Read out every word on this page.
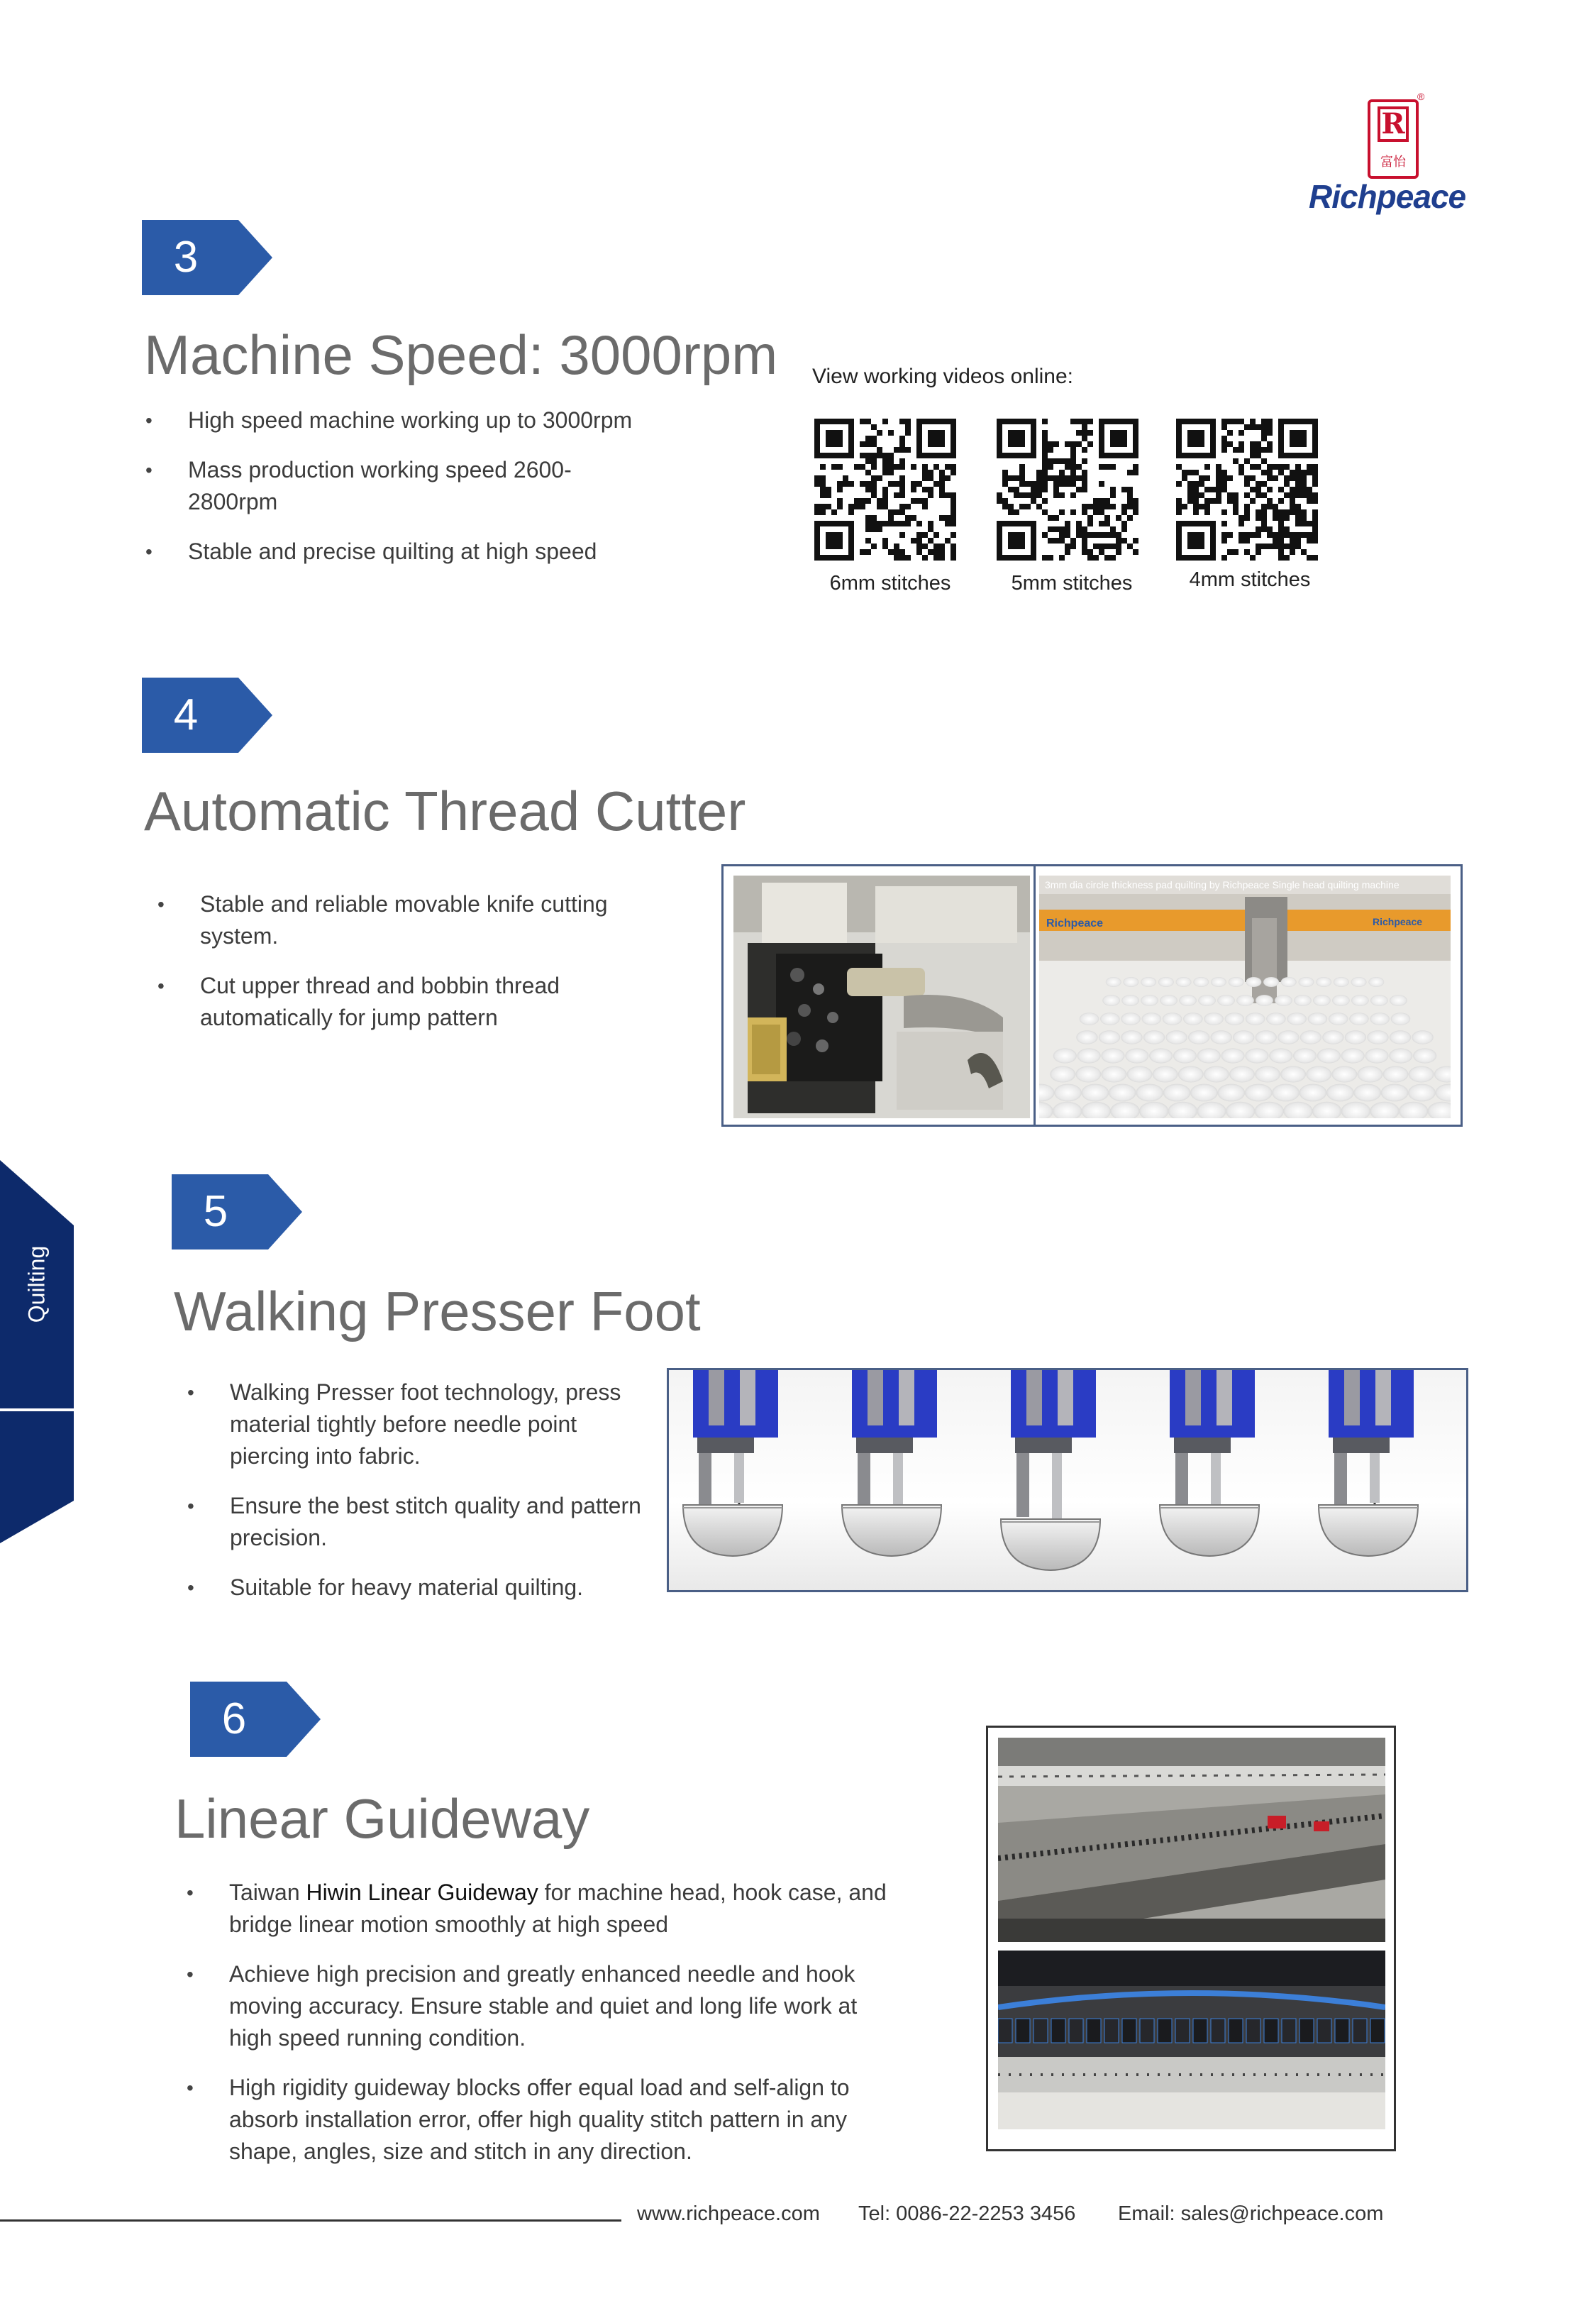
R
富怡
®
Richpeace
3
Machine Speed: 3000rpm
• High speed machine working up to 3000rpm
• Mass production working speed 2600-2800rpm
• Stable and precise quilting at high speed
View working videos online:
6mm stitches	5mm stitches	4mm stitches
4
Automatic Thread Cutter
• Stable and reliable movable knife cutting system.
• Cut upper thread and bobbin thread automatically for jump pattern
3mm dia circle thickness pad quilting by Richpeace Single head quilting machine
Richpeace	Richpeace
Quilting
5
Walking Presser Foot
• Walking Presser foot technology, press material tightly before needle point piercing into fabric.
• Ensure the best stitch quality and pattern precision.
• Suitable for heavy material quilting.
6
Linear Guideway
• Taiwan Hiwin Linear Guideway for machine head, hook case, and bridge linear motion smoothly at high speed
• Achieve high precision and greatly enhanced needle and hook moving accuracy. Ensure stable and quiet and long life work at high speed running condition.
• High rigidity guideway blocks offer equal load and self-align to absorb installation error, offer high quality stitch pattern in any shape, angles, size and stitch in any direction.
www.richpeace.com Tel: 0086-22-2253 3456 Email: sales@richpeace.com
